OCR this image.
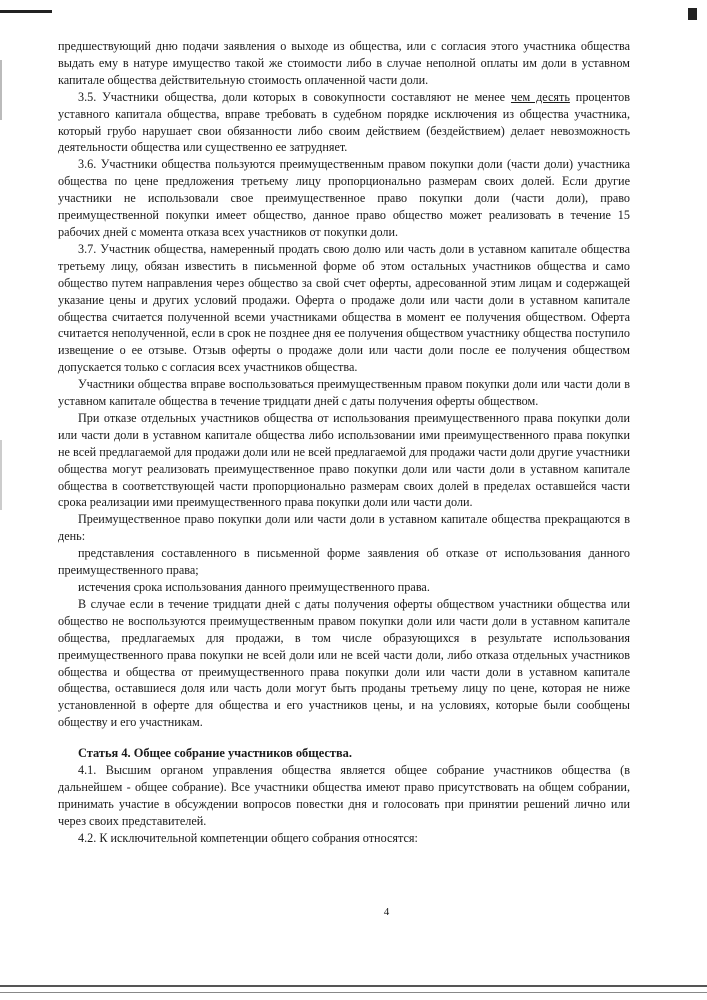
предшествующий дню подачи заявления о выходе из общества, или с согласия этого участника общества выдать ему в натуре имущество такой же стоимости либо в случае неполной оплаты им доли в уставном капитале общества действительную стоимость оплаченной части доли.

3.5. Участники общества, доли которых в совокупности составляют не менее чем десять процентов уставного капитала общества, вправе требовать в судебном порядке исключения из общества участника, который грубо нарушает свои обязанности либо своим действием (бездействием) делает невозможность деятельности общества или существенно ее затрудняет.

3.6. Участники общества пользуются преимущественным правом покупки доли (части доли) участника общества по цене предложения третьему лицу пропорционально размерам своих долей. Если другие участники не использовали свое преимущественное право покупки доли (части доли), право преимущественной покупки имеет общество, данное право общество может реализовать в течение 15 рабочих дней с момента отказа всех участников от покупки доли.

3.7. Участник общества, намеренный продать свою долю или часть доли в уставном капитале общества третьему лицу, обязан известить в письменной форме об этом остальных участников общества и само общество путем направления через общество за свой счет оферты, адресованной этим лицам и содержащей указание цены и других условий продажи. Оферта о продаже доли или части доли в уставном капитале общества считается полученной всеми участниками общества в момент ее получения обществом. Оферта считается неполученной, если в срок не позднее дня ее получения обществом участнику общества поступило извещение о ее отзыве. Отзыв оферты о продаже доли или части доли после ее получения обществом допускается только с согласия всех участников общества.

Участники общества вправе воспользоваться преимущественным правом покупки доли или части доли в уставном капитале общества в течение тридцати дней с даты получения оферты обществом.

При отказе отдельных участников общества от использования преимущественного права покупки доли или части доли в уставном капитале общества либо использовании ими преимущественного права покупки не всей предлагаемой для продажи доли или не всей предлагаемой для продажи части доли другие участники общества могут реализовать преимущественное право покупки доли или части доли в уставном капитале общества в соответствующей части пропорционально размерам своих долей в пределах оставшейся части срока реализации ими преимущественного права покупки доли или части доли.

Преимущественное право покупки доли или части доли в уставном капитале общества прекращаются в день:

представления составленного в письменной форме заявления об отказе от использования данного преимущественного права;

истечения срока использования данного преимущественного права.

В случае если в течение тридцати дней с даты получения оферты обществом участники общества или общество не воспользуются преимущественным правом покупки доли или части доли в уставном капитале общества, предлагаемых для продажи, в том числе образующихся в результате использования преимущественного права покупки не всей доли или не всей части доли, либо отказа отдельных участников общества и общества от преимущественного права покупки доли или части доли в уставном капитале общества, оставшиеся доля или часть доли могут быть проданы третьему лицу по цене, которая не ниже установленной в оферте для общества и его участников цены, и на условиях, которые были сообщены обществу и его участникам.

Статья 4. Общее собрание участников общества.

4.1. Высшим органом управления общества является общее собрание участников общества (в дальнейшем - общее собрание). Все участники общества имеют право присутствовать на общем собрании, принимать участие в обсуждении вопросов повестки дня и голосовать при принятии решений лично или через своих представителей.

4.2. К исключительной компетенции общего собрания относятся:

4
